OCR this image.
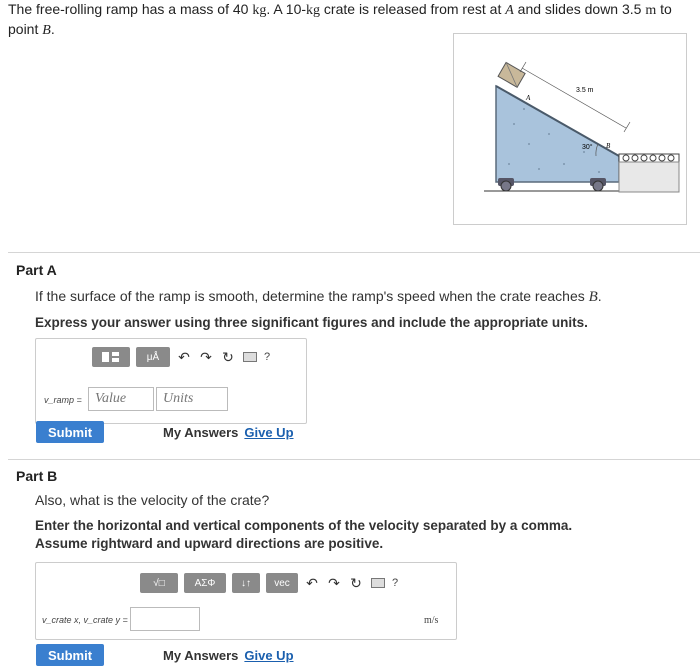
The free-rolling ramp has a mass of 40 kg. A 10-kg crate is released from rest at A and slides down 3.5 m to point B.
A
B
3.5 m
30°
Part A
If the surface of the ramp is smooth, determine the ramp's speed when the crate reaches B.
Express your answer using three significant figures and include the appropriate units.
μÅ	↶ ↷ ↻	?
v_ramp =
Value
Units
Submit	My Answers Give Up
Part B
Also, what is the velocity of the crate?
Enter the horizontal and vertical components of the velocity separated by a comma.
Assume rightward and upward directions are positive.
√□	ΑΣΦ	↓↑	vec	↶ ↷ ↻	?
v_crate x, v_crate y =	m/s
Submit	My Answers Give Up
